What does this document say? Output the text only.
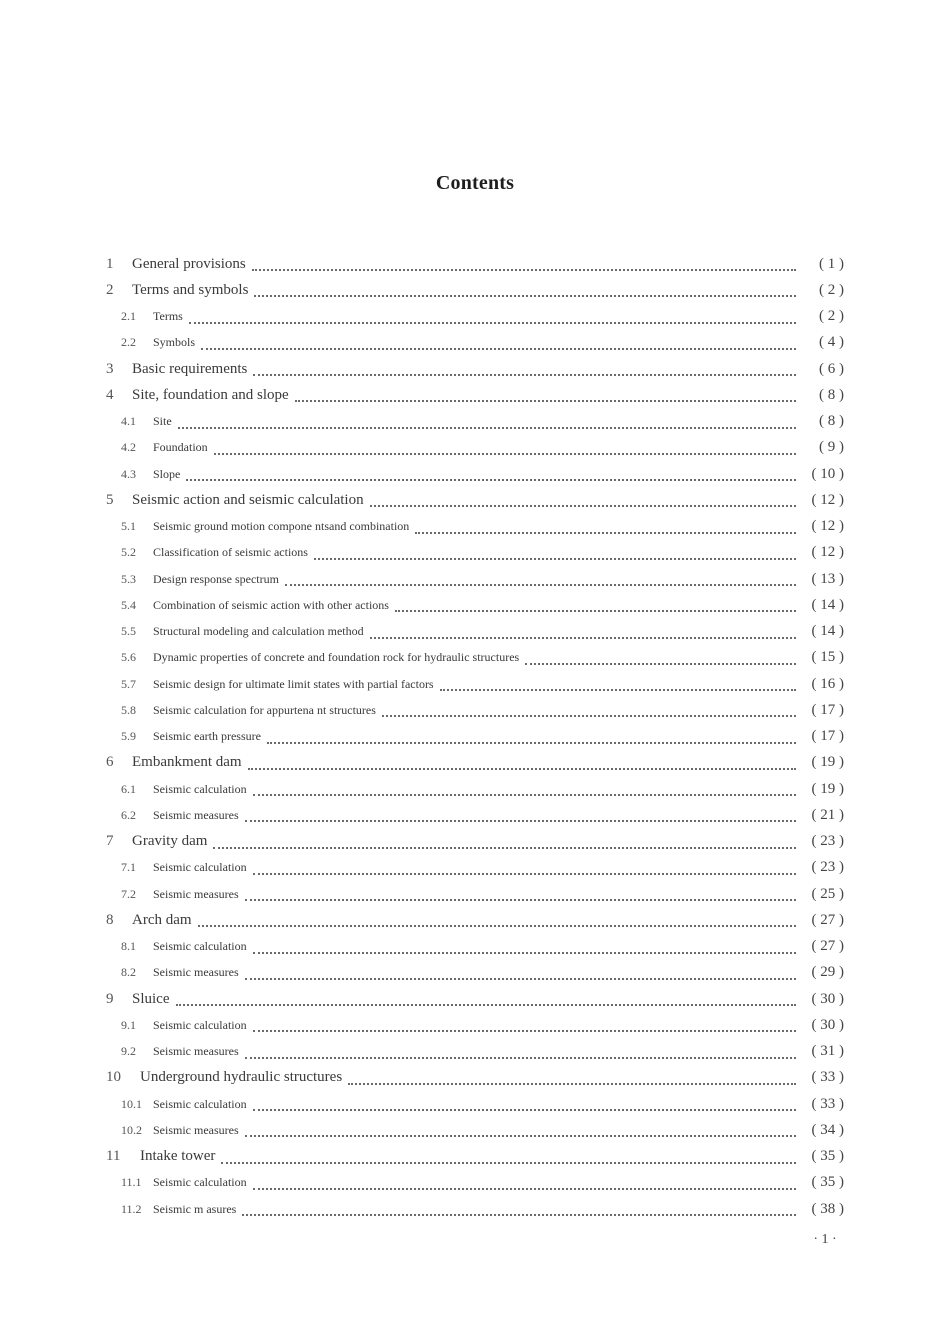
Contents
1 General provisions	( 1 )
2 Terms and symbols	( 2 )
2.1 Terms	( 2 )
2.2 Symbols	( 4 )
3 Basic requirements	( 6 )
4 Site, foundation and slope	( 8 )
4.1 Site	( 8 )
4.2 Foundation	( 9 )
4.3 Slope	( 10 )
5 Seismic action and seismic calculation	( 12 )
5.1 Seismic ground motion compone ntsand combination	( 12 )
5.2 Classification of seismic actions	( 12 )
5.3 Design response spectrum	( 13 )
5.4 Combination of seismic action with other actions	( 14 )
5.5 Structural modeling and calculation method	( 14 )
5.6 Dynamic properties of concrete and foundation rock for hydraulic structures	( 15 )
5.7 Seismic design for ultimate limit states with partial factors	( 16 )
5.8 Seismic calculation for appurtena nt structures	( 17 )
5.9 Seismic earth pressure	( 17 )
6 Embankment dam	( 19 )
6.1 Seismic calculation	( 19 )
6.2 Seismic measures	( 21 )
7 Gravity dam	( 23 )
7.1 Seismic calculation	( 23 )
7.2 Seismic measures	( 25 )
8 Arch dam	( 27 )
8.1 Seismic calculation	( 27 )
8.2 Seismic measures	( 29 )
9 Sluice	( 30 )
9.1 Seismic calculation	( 30 )
9.2 Seismic measures	( 31 )
10 Underground hydraulic structures	( 33 )
10.1 Seismic calculation	( 33 )
10.2 Seismic measures	( 34 )
11 Intake tower	( 35 )
11.1 Seismic calculation	( 35 )
11.2 Seismic m asures	( 38 )
· 1 ·
